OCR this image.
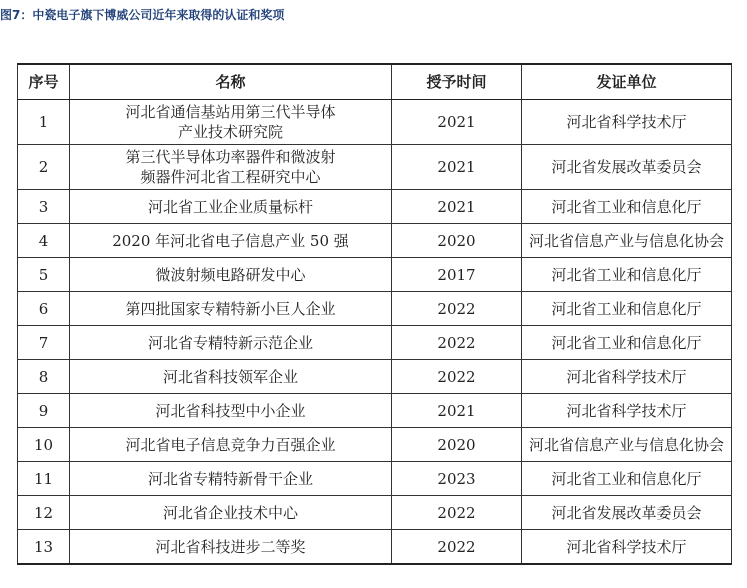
图7：中瓷电子旗下博威公司近年来取得的认证和奖项
序号	名称	授予时间	发证单位
1	河北省通信基站用第三代半导体
产业技术研究院	2021	河北省科学技术厅
2	第三代半导体功率器件和微波射
频器件河北省工程研究中心	2021	河北省发展改革委员会
3	河北省工业企业质量标杆	2021	河北省工业和信息化厅
4	2020 年河北省电子信息产业 50 强	2020	河北省信息产业与信息化协会
5	微波射频电路研发中心	2017	河北省工业和信息化厅
6	第四批国家专精特新小巨人企业	2022	河北省工业和信息化厅
7	河北省专精特新示范企业	2022	河北省工业和信息化厅
8	河北省科技领军企业	2022	河北省科学技术厅
9	河北省科技型中小企业	2021	河北省科学技术厅
10	河北省电子信息竞争力百强企业	2020	河北省信息产业与信息化协会
11	河北省专精特新骨干企业	2023	河北省工业和信息化厅
12	河北省企业技术中心	2022	河北省发展改革委员会
13	河北省科技进步二等奖	2022	河北省科学技术厅
